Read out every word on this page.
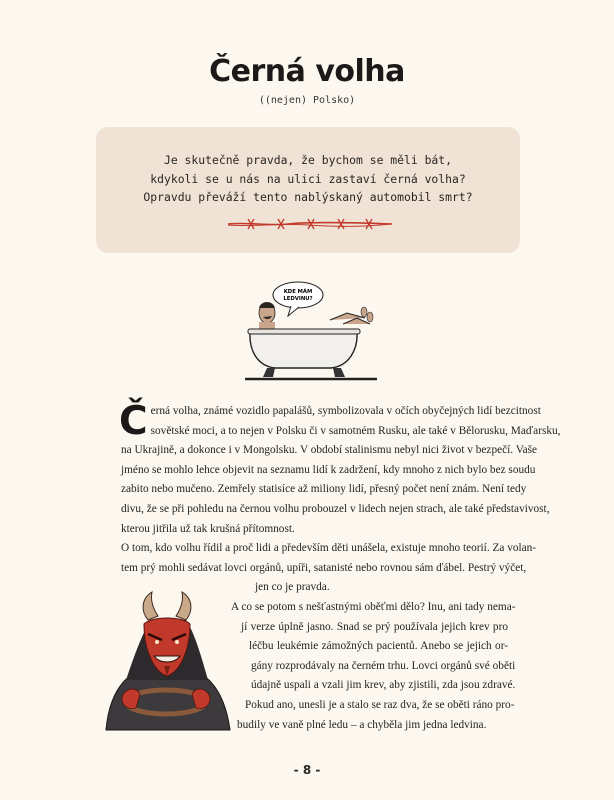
Černá volha
((nejen) Polsko)
Je skutečně pravda, že bychom se měli bát,
kdykoli se u nás na ulici zastaví černá volha?
Opravdu převáží tento nablýskaný automobil smrt?
KDE MÁM
LEDVINU?
Č erná volha, známé vozidlo papalášů, symbolizovala v očích obyčejných lidí bezcitnost
sovětské moci, a to nejen v Polsku či v samotném Rusku, ale také v Bělorusku, Maďarsku,
na Ukrajině, a dokonce i v Mongolsku. V období stalinismu nebyl nici život v bezpečí. Vaše
jméno se mohlo lehce objevit na seznamu lidí k zadržení, kdy mnoho z nich bylo bez soudu
zabito nebo mučeno. Zemřely statisíce až miliony lidí, přesný počet není znám. Není tedy
divu, že se při pohledu na černou volhu probouzel v lidech nejen strach, ale také představivost,
kterou jitřila už tak krušná přítomnost.
O tom, kdo volhu řídil a proč lidi a především děti unášela, existuje mnoho teorií. Za volan-
tem prý mohli sedávat lovci orgánů, upíři, satanisté nebo rovnou sám ďábel. Pestrý výčet,
jen co je pravda.
A co se potom s nešťastnými oběťmi dělo? Inu, ani tady nema-
jí verze úplně jasno. Snad se prý používala jejich krev pro
léčbu leukémie zámožných pacientů. Anebo se jejich or-
gány rozprodávaly na černém trhu. Lovci orgánů své oběti
údajně uspali a vzali jim krev, aby zjistili, zda jsou zdravé.
Pokud ano, unesli je a stalo se raz dva, že se oběti ráno pro-
budily ve vaně plné ledu – a chyběla jim jedna ledvina.
- 8 -
